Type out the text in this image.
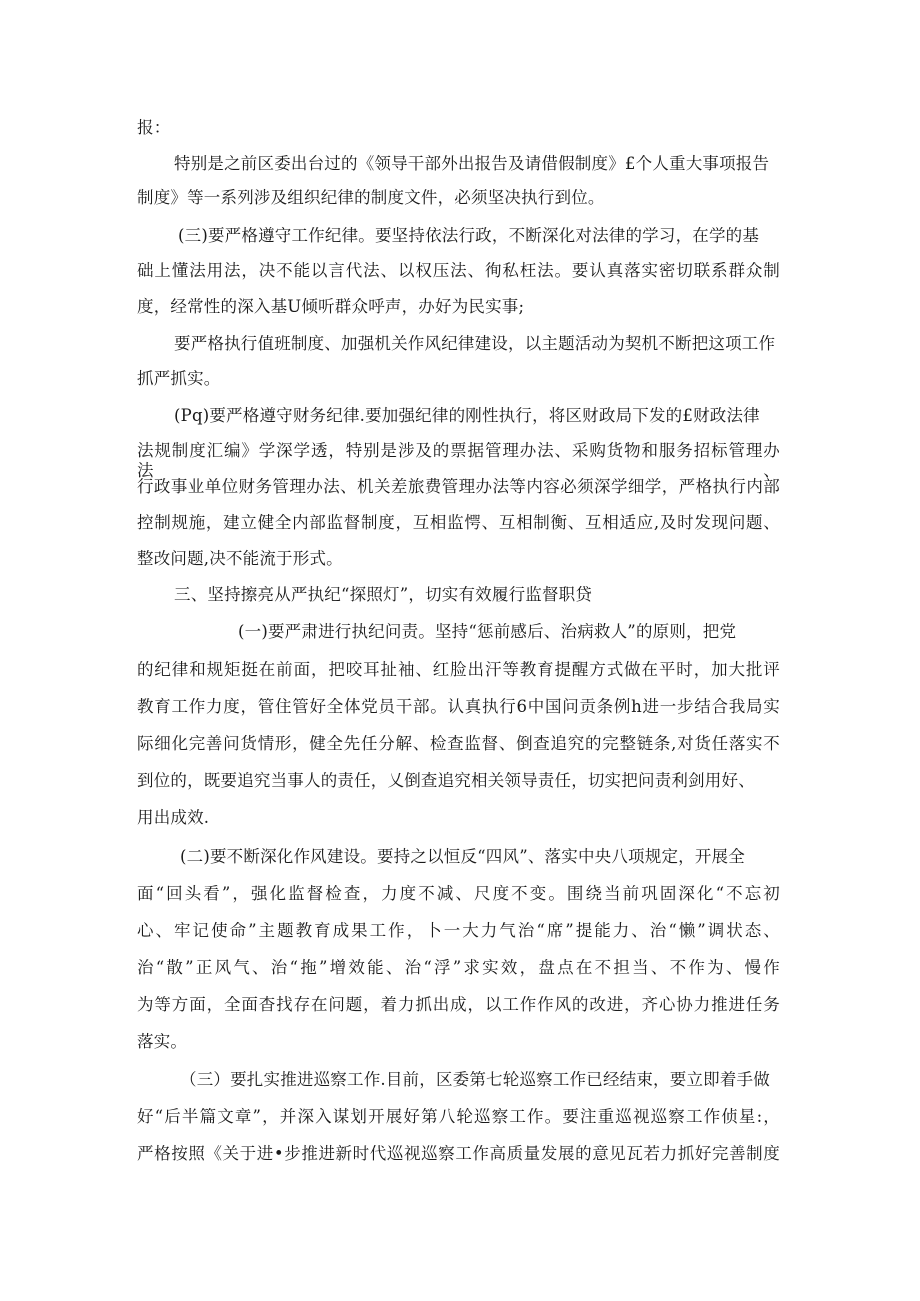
报：
特别是之前区委出台过的《领导干部外出报告及请借假制度》£个人重大事项报告
制度》等一系列涉及组织纪律的制度文件，必须坚决执行到位。
(三)要严格遵守工作纪律。要坚持依法行政，不断深化对法律的学习，在学的基
础上懂法用法，决不能以言代法、以权压法、徇私枉法。要认真落实密切联系群众制
度，经常性的深入基U倾听群众呼声，办好为民实事;
要严格执行值班制度、加强机关作风纪律建设，以主题活动为契机不断把这项工作
抓严抓实。
(Pq)要严格遵守财务纪律.要加强纪律的刚性执行，将区财政局下发的£财政法律
法规制度汇编》学深学透，特别是涉及的票据管理办法、采购货物和服务招标管理办法、
行政事业单位财务管理办法、机关差旅费管理办法等内容必须深学细学，严格执行内部
控制规施，建立健全内部监督制度，互相监愕、互相制衡、互相适应,及时发现问题、
整改问题,决不能流于形式。
三、坚持擦亮从严执纪“探照灯”，切实有效履行监督职贷
(一)要严肃进行执纪问责。坚持“惩前感后、治病救人”的原则，把党
的纪律和规矩挺在前面，把咬耳扯袖、红脸出汗等教育提醒方式做在平时，加大批评
教育工作力度，管住管好全体党员干部。认真执行6中国问贡条例h进一步结合我局实
际细化完善问货情形，健全先任分解、检查监督、倒查追究的完整链条,对货任落实不
到位的，既要追究当事人的责任，乂倒查追究相关领导责任，切实把问责利剑用好、
用出成效.
(二)要不断深化作风建设。要持之以恒反“四风”、落实中央八项规定，开展全
面“回头看”，强化监督检查，力度不减、尺度不变。围绕当前巩固深化“不忘初
心、牢记使命”主题教育成果工作，卜一大力气治“席”提能力、治“懒”调状态、
治“散”正风气、治“拖”增效能、治“浮”求实效，盘点在不担当、不作为、慢作
为等方面，全面杳找存在问题，着力抓出成，以工作作风的改进，齐心协力推进任务
落实。
（三）要扎实推进巡察工作.目前，区委第七轮巡察工作已经结束，要立即着手做
好“后半篇文章”，并深入谋划开展好第八轮巡察工作。要注重巡视巡察工作侦星:，
严格按照《关于进•步推进新时代巡视巡察工作高质量发展的意见瓦若力抓好完善制度
